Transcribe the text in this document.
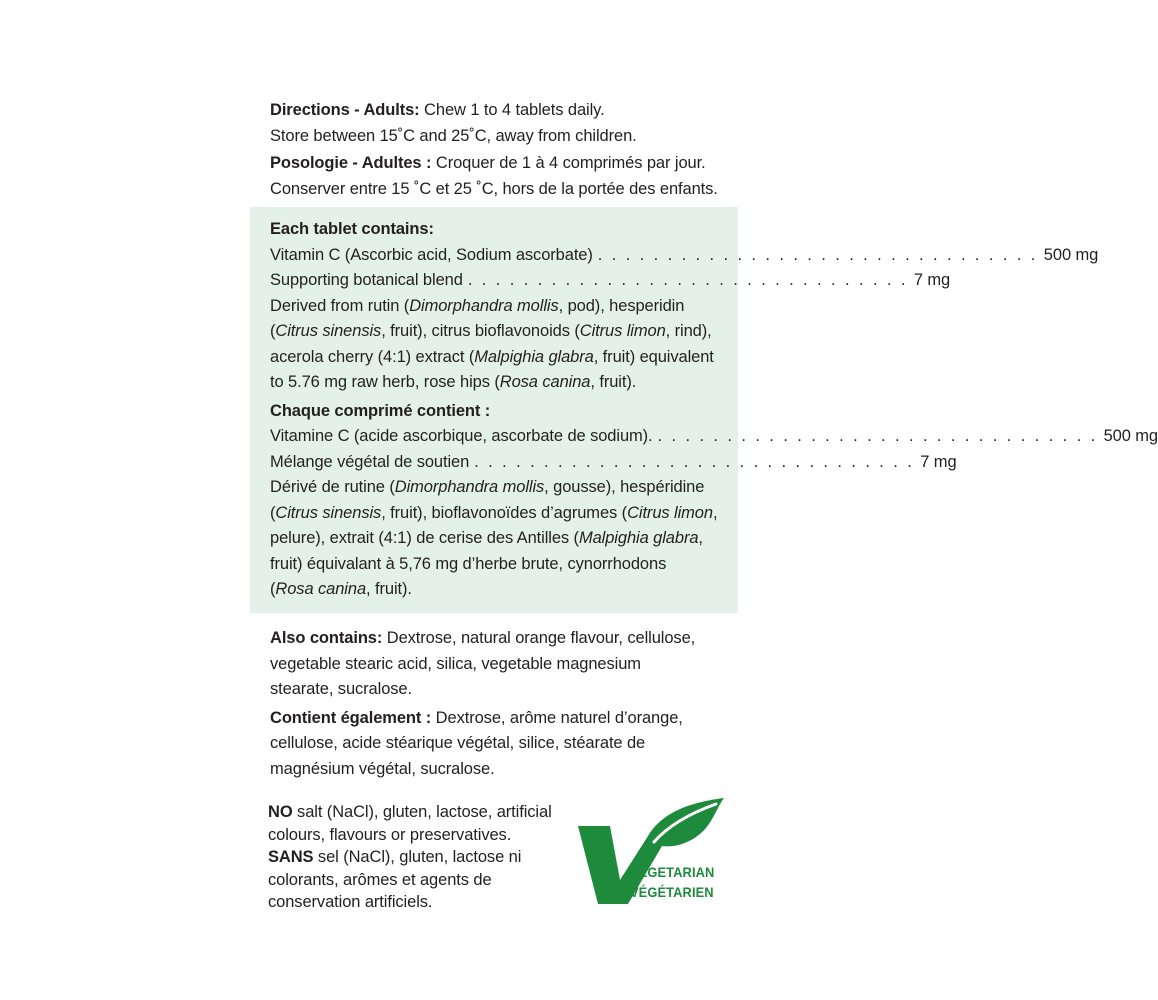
Directions - Adults: Chew 1 to 4 tablets daily.
Store between 15˚C and 25˚C, away from children.

Posologie - Adultes : Croquer de 1 à 4 comprimés par jour.
Conserver entre 15 ˚C et 25 ˚C, hors de la portée des enfants.

Each tablet contains:

Vitamin C (Ascorbic acid, Sodium ascorbate) . . . . . . . . . . . . . . . . . . . . . . . . . . . . . . . . 500 mg
Supporting botanical blend . . . . . . . . . . . . . . . . . . . . . . . . . . . . . . . . 7 mg

Derived from rutin (Dimorphandra mollis, pod), hesperidin
(Citrus sinensis, fruit), citrus bioflavonoids (Citrus limon, rind),
acerola cherry (4:1) extract (Malpighia glabra, fruit) equivalent
to 5.76 mg raw herb, rose hips (Rosa canina, fruit).

Chaque comprimé contient :

Vitamine C (acide ascorbique, ascorbate de sodium). . . . . . . . . . . . . . . . . . . . . . . . . . . . . . . . . 500 mg
Mélange végétal de soutien . . . . . . . . . . . . . . . . . . . . . . . . . . . . . . . . 7 mg

Dérivé de rutine (Dimorphandra mollis, gousse), hespéridine
(Citrus sinensis, fruit), bioflavonoïdes d’agrumes (Citrus limon,
pelure), extrait (4:1) de cerise des Antilles (Malpighia glabra,
fruit) équivalant à 5,76 mg d’herbe brute, cynorrhodons
(Rosa canina, fruit).

Also contains: Dextrose, natural orange flavour, cellulose,
vegetable stearic acid, silica, vegetable magnesium
stearate, sucralose.

Contient également : Dextrose, arôme naturel d’orange,
cellulose, acide stéarique végétal, silice, stéarate de
magnésium végétal, sucralose.

NO salt (NaCl), gluten, lactose, artificial
colours, flavours or preservatives.

SANS sel (NaCl), gluten, lactose ni
colorants, arômes et agents de
conservation artificiels.

VEGETARIAN
VÉGÉTARIEN
